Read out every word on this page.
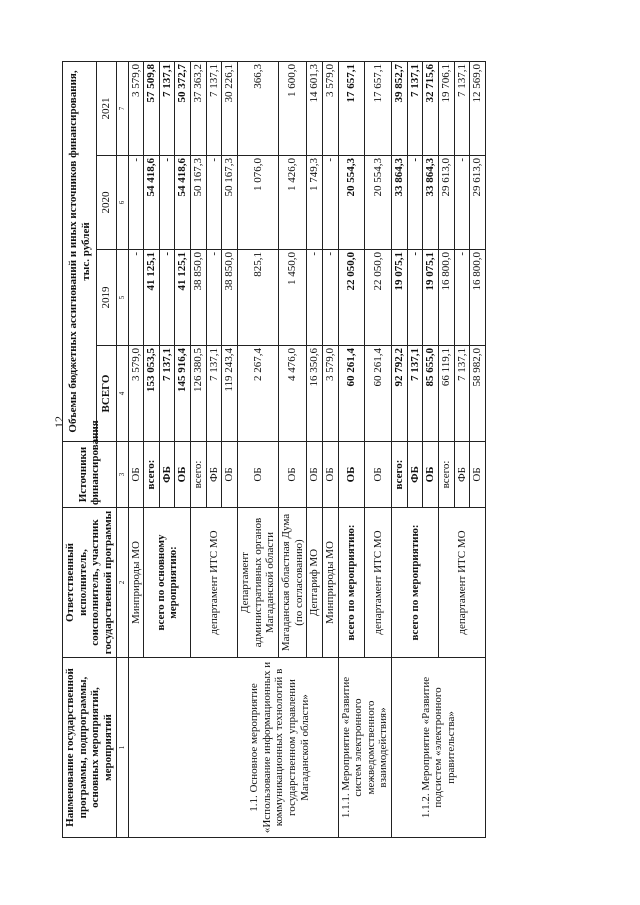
12
Наименование государственной программы, подпрограммы, основных мероприятий, мероприятий	Ответственный исполнитель, соисполнитель, участник государственной программы	Источники финансирования	Объемы бюджетных ассигнований и иных источников финансирования, тыс. рублей			
			ВСЕГО	2019	2020	2021
1	2	3	4	5	6	7
	Минприроды МО	ОБ	3 579,0	-	-	3 579,0
	всего по основному мероприятию:	всего:	153 053,5	41 125,1	54 418,6	57 509,8
		ФБ	7 137,1	-	-	7 137,1
		ОБ	145 916,4	41 125,1	54 418,6	50 372,7
	департамент ИТС МО	всего:	126 380,5	38 850,0	50 167,3	37 363,2
		ФБ	7 137,1	-	-	7 137,1
1.1. Основное мероприятие «Использование информационных и коммуникационных технологий в государственном управлении Магаданской области»		ОБ	119 243,4	38 850,0	50 167,3	30 226,1
	Департамент административных органов Магаданской области	ОБ	2 267,4	825,1	1 076,0	366,3
	Магаданская областная Дума (по согласованию)	ОБ	4 476,0	1 450,0	1 426,0	1 600,0
	Дептариф МО	ОБ	16 350,6	-	1 749,3	14 601,3
	Минприроды МО	ОБ	3 579,0	-	-	3 579,0
1.1.1. Мероприятие «Развитие систем электронного межведомственного взаимодействия»	всего по мероприятию:	ОБ	60 261,4	22 050,0	20 554,3	17 657,1
	департамент ИТС МО	ОБ	60 261,4	22 050,0	20 554,3	17 657,1
1.1.2. Мероприятие «Развитие подсистем «электронного правительства»	всего по мероприятию:	всего:	92 792,2	19 075,1	33 864,3	39 852,7
		ФБ	7 137,1	-	-	7 137,1
		ОБ	85 655,0	19 075,1	33 864,3	32 715,6
	департамент ИТС МО	всего:	66 119,1	16 800,0	29 613,0	19 706,1
		ФБ	7 137,1	-	-	7 137,1
		ОБ	58 982,0	16 800,0	29 613,0	12 569,0
